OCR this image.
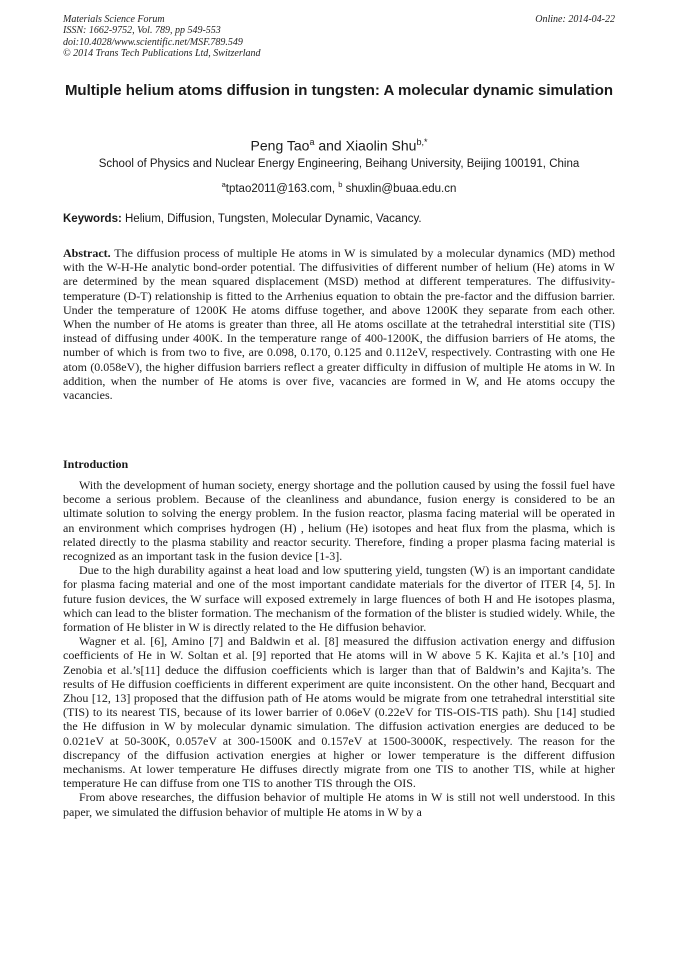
Materials Science Forum
ISSN: 1662-9752, Vol. 789, pp 549-553
doi:10.4028/www.scientific.net/MSF.789.549
© 2014 Trans Tech Publications Ltd, Switzerland
Online: 2014-04-22
Multiple helium atoms diffusion in tungsten: A molecular dynamic simulation
Peng Tao$^a$ and Xiaolin Shu$^{b,*}$
School of Physics and Nuclear Energy Engineering, Beihang University, Beijing 100191, China
$^a$tptao2011@163.com, $^b$ shuxlin@buaa.edu.cn
Keywords: Helium, Diffusion, Tungsten, Molecular Dynamic, Vacancy.
Abstract. The diffusion process of multiple He atoms in W is simulated by a molecular dynamics (MD) method with the W-H-He analytic bond-order potential. The diffusivities of different number of helium (He) atoms in W are determined by the mean squared displacement (MSD) method at different temperatures. The diffusivity-temperature (D-T) relationship is fitted to the Arrhenius equation to obtain the pre-factor and the diffusion barrier. Under the temperature of 1200K He atoms diffuse together, and above 1200K they separate from each other. When the number of He atoms is greater than three, all He atoms oscillate at the tetrahedral interstitial site (TIS) instead of diffusing under 400K. In the temperature range of 400-1200K, the diffusion barriers of He atoms, the number of which is from two to five, are 0.098, 0.170, 0.125 and 0.112eV, respectively. Contrasting with one He atom (0.058eV), the higher diffusion barriers reflect a greater difficulty in diffusion of multiple He atoms in W. In addition, when the number of He atoms is over five, vacancies are formed in W, and He atoms occupy the vacancies.
Introduction

With the development of human society, energy shortage and the pollution caused by using the fossil fuel have become a serious problem. Because of the cleanliness and abundance, fusion energy is considered to be an ultimate solution to solving the energy problem. In the fusion reactor, plasma facing material will be operated in an environment which comprises hydrogen (H) , helium (He) isotopes and heat flux from the plasma, which is related directly to the plasma stability and reactor security. Therefore, finding a proper plasma facing material is recognized as an important task in the fusion device [1-3].

Due to the high durability against a heat load and low sputtering yield, tungsten (W) is an important candidate for plasma facing material and one of the most important candidate materials for the divertor of ITER [4, 5]. In future fusion devices, the W surface will exposed extremely in large fluences of both H and He isotopes plasma, which can lead to the blister formation. The mechanism of the formation of the blister is studied widely. While, the formation of He blister in W is directly related to the He diffusion behavior.

Wagner et al. [6], Amino [7] and Baldwin et al. [8] measured the diffusion activation energy and diffusion coefficients of He in W. Soltan et al. [9] reported that He atoms will in W above 5 K. Kajita et al.’s [10] and Zenobia et al.’s[11] deduce the diffusion coefficients which is larger than that of Baldwin’s and Kajita’s. The results of He diffusion coefficients in different experiment are quite inconsistent. On the other hand, Becquart and Zhou [12, 13] proposed that the diffusion path of He atoms would be migrate from one tetrahedral interstitial site (TIS) to its nearest TIS, because of its lower barrier of 0.06eV (0.22eV for TIS-OIS-TIS path). Shu [14] studied the He diffusion in W by molecular dynamic simulation. The diffusion activation energies are deduced to be 0.021eV at 50-300K, 0.057eV at 300-1500K and 0.157eV at 1500-3000K, respectively. The reason for the discrepancy of the diffusion activation energies at higher or lower temperature is the different diffusion mechanisms. At lower temperature He diffuses directly migrate from one TIS to another TIS, while at higher temperature He can diffuse from one TIS to another TIS through the OIS.

From above researches, the diffusion behavior of multiple He atoms in W is still not well understood. In this paper, we simulated the diffusion behavior of multiple He atoms in W by a
